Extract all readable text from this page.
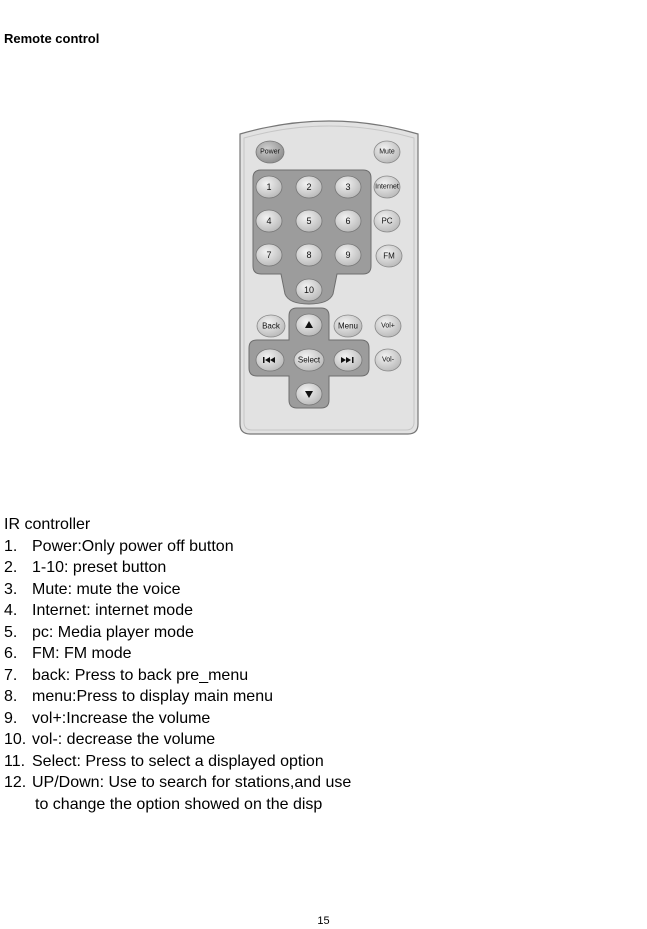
Remote control
Power	Mute
1	2	3
4	5	6
7	8	9
10
Internet
PC
FM
Back	Menu	Vol+
Select	Vol-
IR controller
1. Power:Only power off button
2. 1-10: preset button
3. Mute: mute the voice
4. Internet: internet mode
5. pc: Media player mode
6. FM: FM mode
7. back: Press to back pre_menu
8. menu:Press to display main menu
9. vol+:Increase the volume
10. vol-: decrease the volume
11. Select: Press to select a displayed option
12. UP/Down: Use to search for stations,and use
to change the option showed on the disp
15
